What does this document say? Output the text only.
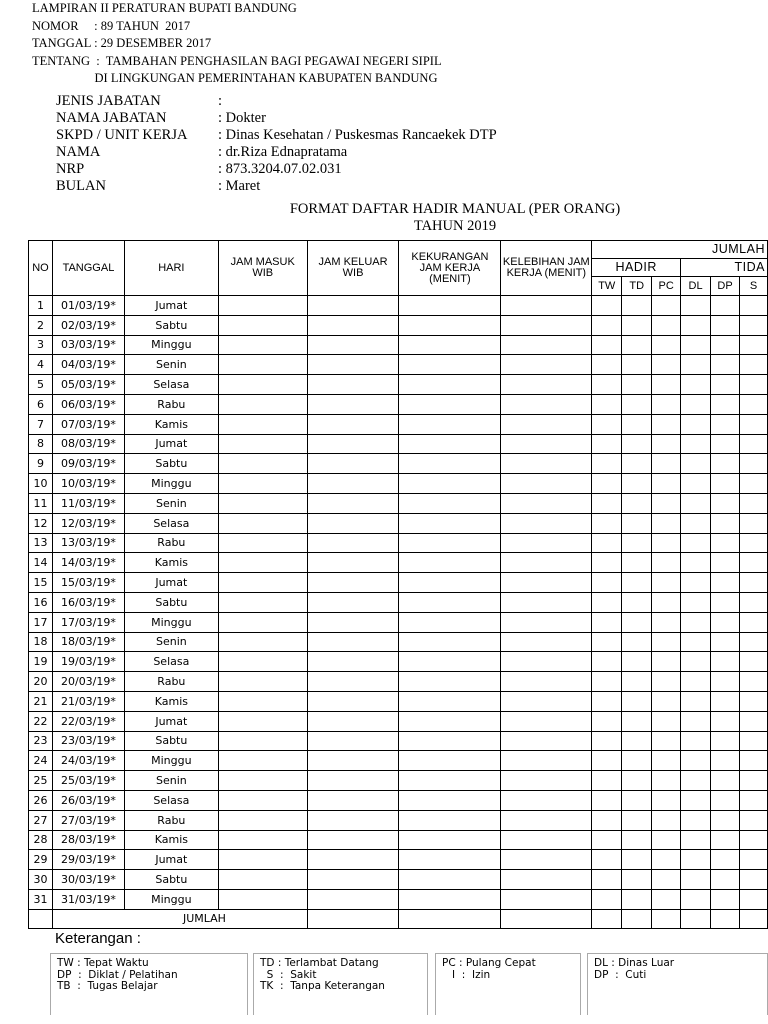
LAMPIRAN II PERATURAN BUPATI BANDUNG
NOMOR     : 89 TAHUN  2017
TANGGAL : 29 DESEMBER 2017
TENTANG  :  TAMBAHAN PENGHASILAN BAGI PEGAWAI NEGERI SIPIL
DI LINGKUNGAN PEMERINTAHAN KABUPATEN BANDUNG
JENIS JABATAN	:
NAMA JABATAN	: Dokter
SKPD / UNIT KERJA	: Dinas Kesehatan / Puskesmas Rancaekek DTP
NAMA	: dr.Riza Ednapratama
NRP	: 873.3204.07.02.031
BULAN	: Maret
FORMAT DAFTAR HADIR MANUAL (PER ORANG)
TAHUN 2019
NO	TANGGAL	HARI	JAM MASUK WIB	JAM KELUAR WIB	KEKURANGAN JAM KERJA (MENIT)	KELEBIHAN JAM KERJA (MENIT)	JUMLAH					
							HADIR			TIDA		
							TW	TD	PC	DL	DP	S
1	01/03/19*	Jumat										
2	02/03/19*	Sabtu										
3	03/03/19*	Minggu										
4	04/03/19*	Senin										
5	05/03/19*	Selasa										
6	06/03/19*	Rabu										
7	07/03/19*	Kamis										
8	08/03/19*	Jumat										
9	09/03/19*	Sabtu										
10	10/03/19*	Minggu										
11	11/03/19*	Senin										
12	12/03/19*	Selasa										
13	13/03/19*	Rabu										
14	14/03/19*	Kamis										
15	15/03/19*	Jumat										
16	16/03/19*	Sabtu										
17	17/03/19*	Minggu										
18	18/03/19*	Senin										
19	19/03/19*	Selasa										
20	20/03/19*	Rabu										
21	21/03/19*	Kamis										
22	22/03/19*	Jumat										
23	23/03/19*	Sabtu										
24	24/03/19*	Minggu										
25	25/03/19*	Senin										
26	26/03/19*	Selasa										
27	27/03/19*	Rabu										
28	28/03/19*	Kamis										
29	29/03/19*	Jumat										
30	30/03/19*	Sabtu										
31	31/03/19*	Minggu										
	JUMLAH											
Keterangan :
TW : Tepat Waktu
DP  :  Diklat / Pelatihan
TB  :  Tugas Belajar
TD : Terlambat Datang
S  :  Sakit
TK  :  Tanpa Keterangan
PC : Pulang Cepat
I  :  Izin
DL : Dinas Luar
DP  :  Cuti
